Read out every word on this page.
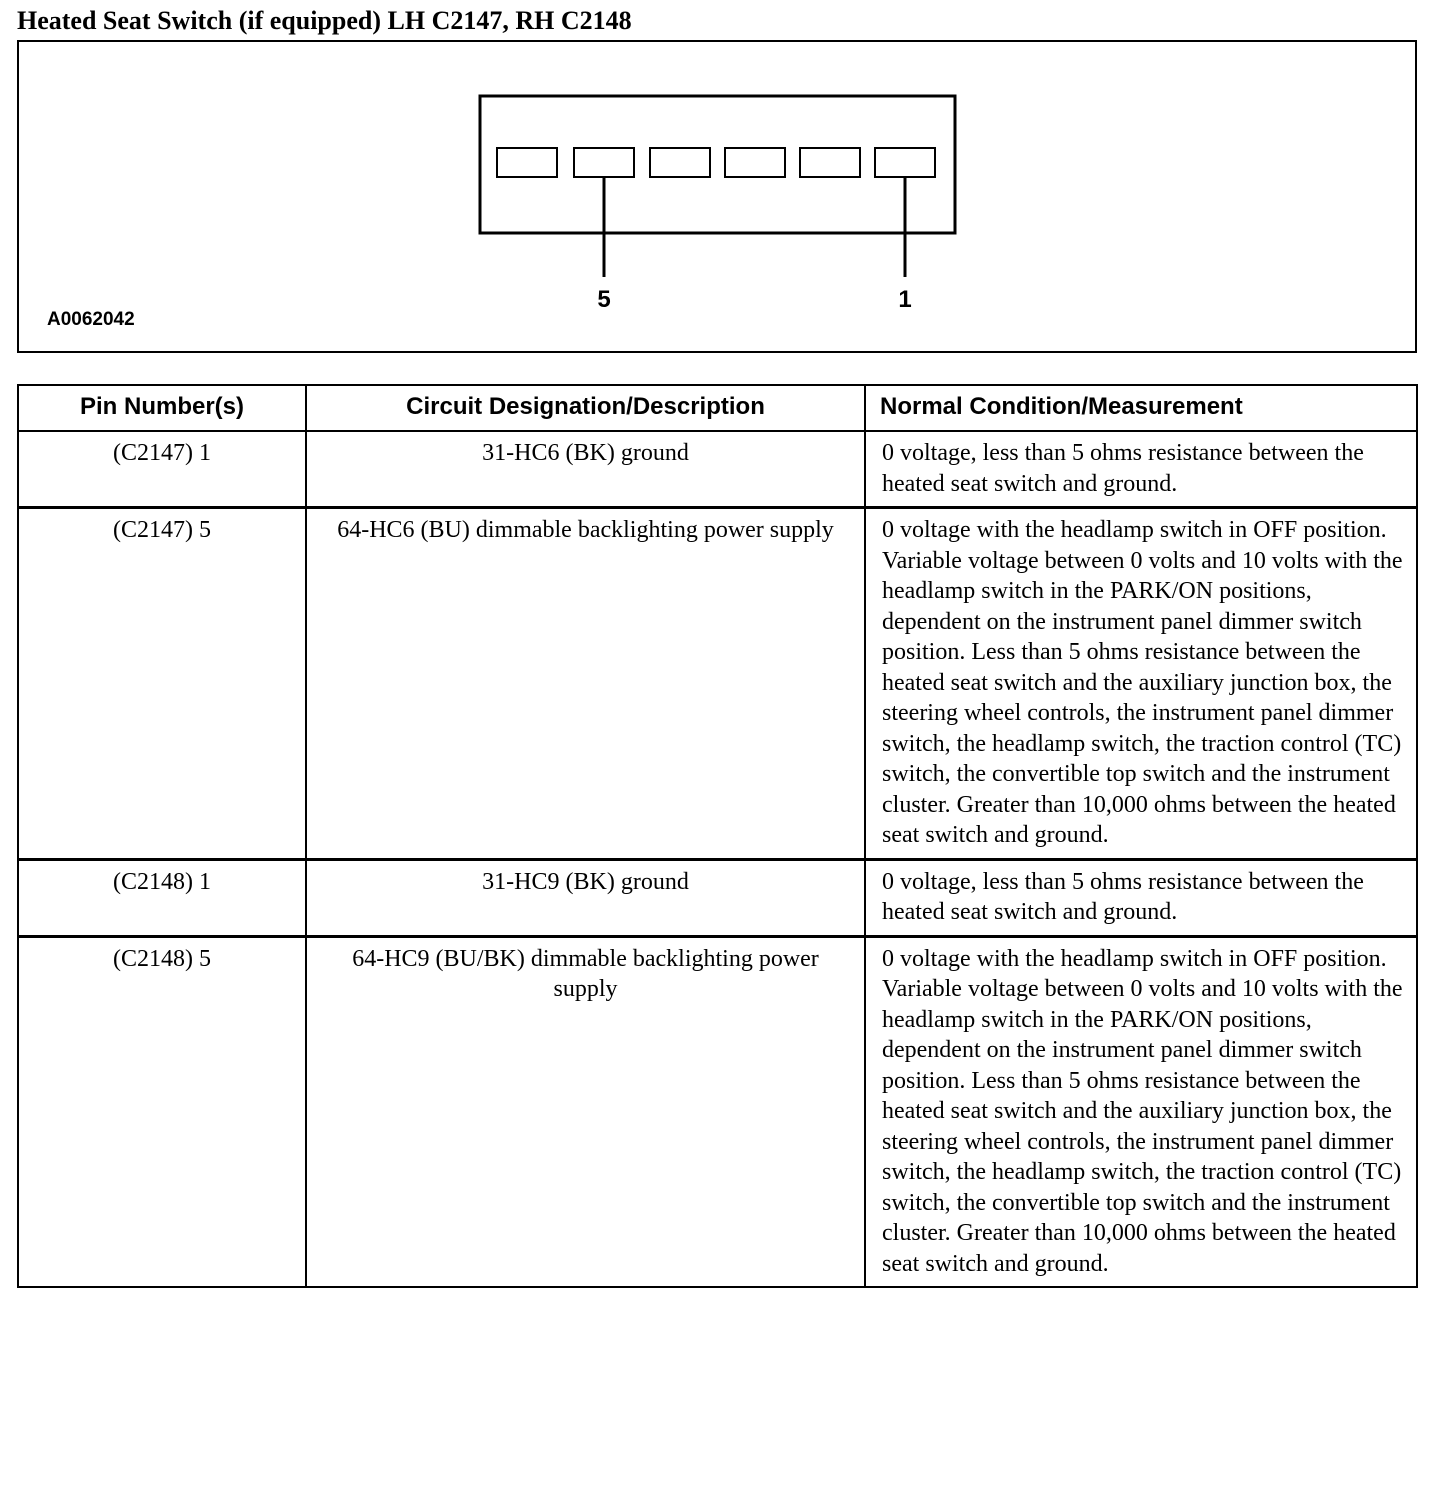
Heated Seat Switch (if equipped) LH C2147, RH C2148
5	1
A0062042
Pin Number(s)	Circuit Designation/Description	Normal Condition/Measurement
(C2147) 1	31-HC6 (BK) ground	0 voltage, less than 5 ohms resistance between the heated seat switch and ground.
(C2147) 5	64-HC6 (BU) dimmable backlighting power supply	0 voltage with the headlamp switch in OFF position. Variable voltage between 0 volts and 10 volts with the headlamp switch in the PARK/ON positions, dependent on the instrument panel dimmer switch position. Less than 5 ohms resistance between the heated seat switch and the auxiliary junction box, the steering wheel controls, the instrument panel dimmer switch, the headlamp switch, the traction control (TC) switch, the convertible top switch and the instrument cluster. Greater than 10,000 ohms between the heated seat switch and ground.
(C2148) 1	31-HC9 (BK) ground	0 voltage, less than 5 ohms resistance between the heated seat switch and ground.
(C2148) 5	64-HC9 (BU/BK) dimmable backlighting power supply	0 voltage with the headlamp switch in OFF position. Variable voltage between 0 volts and 10 volts with the headlamp switch in the PARK/ON positions, dependent on the instrument panel dimmer switch position. Less than 5 ohms resistance between the heated seat switch and the auxiliary junction box, the steering wheel controls, the instrument panel dimmer switch, the headlamp switch, the traction control (TC) switch, the convertible top switch and the instrument cluster. Greater than 10,000 ohms between the heated seat switch and ground.
